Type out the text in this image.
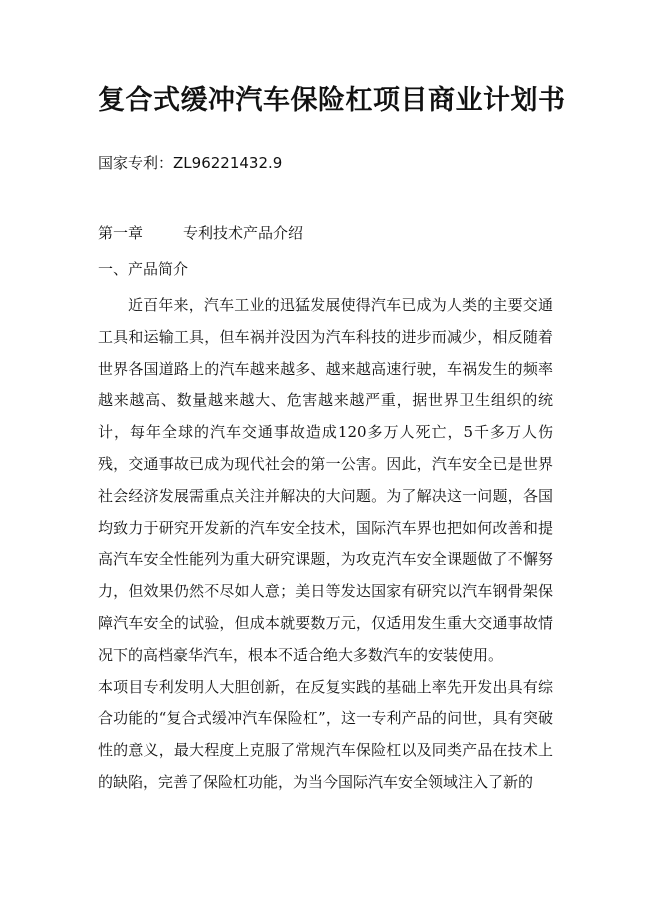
复合式缓冲汽车保险杠项目商业计划书
国家专利：ZL96221432.9
第一章	专利技术产品介绍
一、产品简介

近百年来，汽车工业的迅猛发展使得汽车已成为人类的主要交通工具和运输工具，但车祸并没因为汽车科技的进步而减少，相反随着世界各国道路上的汽车越来越多、越来越高速行驶，车祸发生的频率越来越高、数量越来越大、危害越来越严重，据世界卫生组织的统计，每年全球的汽车交通事故造成120多万人死亡，5千多万人伤残，交通事故已成为现代社会的第一公害。因此，汽车安全已是世界社会经济发展需重点关注并解决的大问题。为了解决这一问题，各国均致力于研究开发新的汽车安全技术，国际汽车界也把如何改善和提高汽车安全性能列为重大研究课题，为攻克汽车安全课题做了不懈努力，但效果仍然不尽如人意；美日等发达国家有研究以汽车钢骨架保障汽车安全的试验，但成本就要数万元，仅适用发生重大交通事故情况下的高档豪华汽车，根本不适合绝大多数汽车的安装使用。

本项目专利发明人大胆创新，在反复实践的基础上率先开发出具有综合功能的“复合式缓冲汽车保险杠”，这一专利产品的问世，具有突破性的意义，最大程度上克服了常规汽车保险杠以及同类产品在技术上的缺陷，完善了保险杠功能，为当今国际汽车安全领域注入了新的
